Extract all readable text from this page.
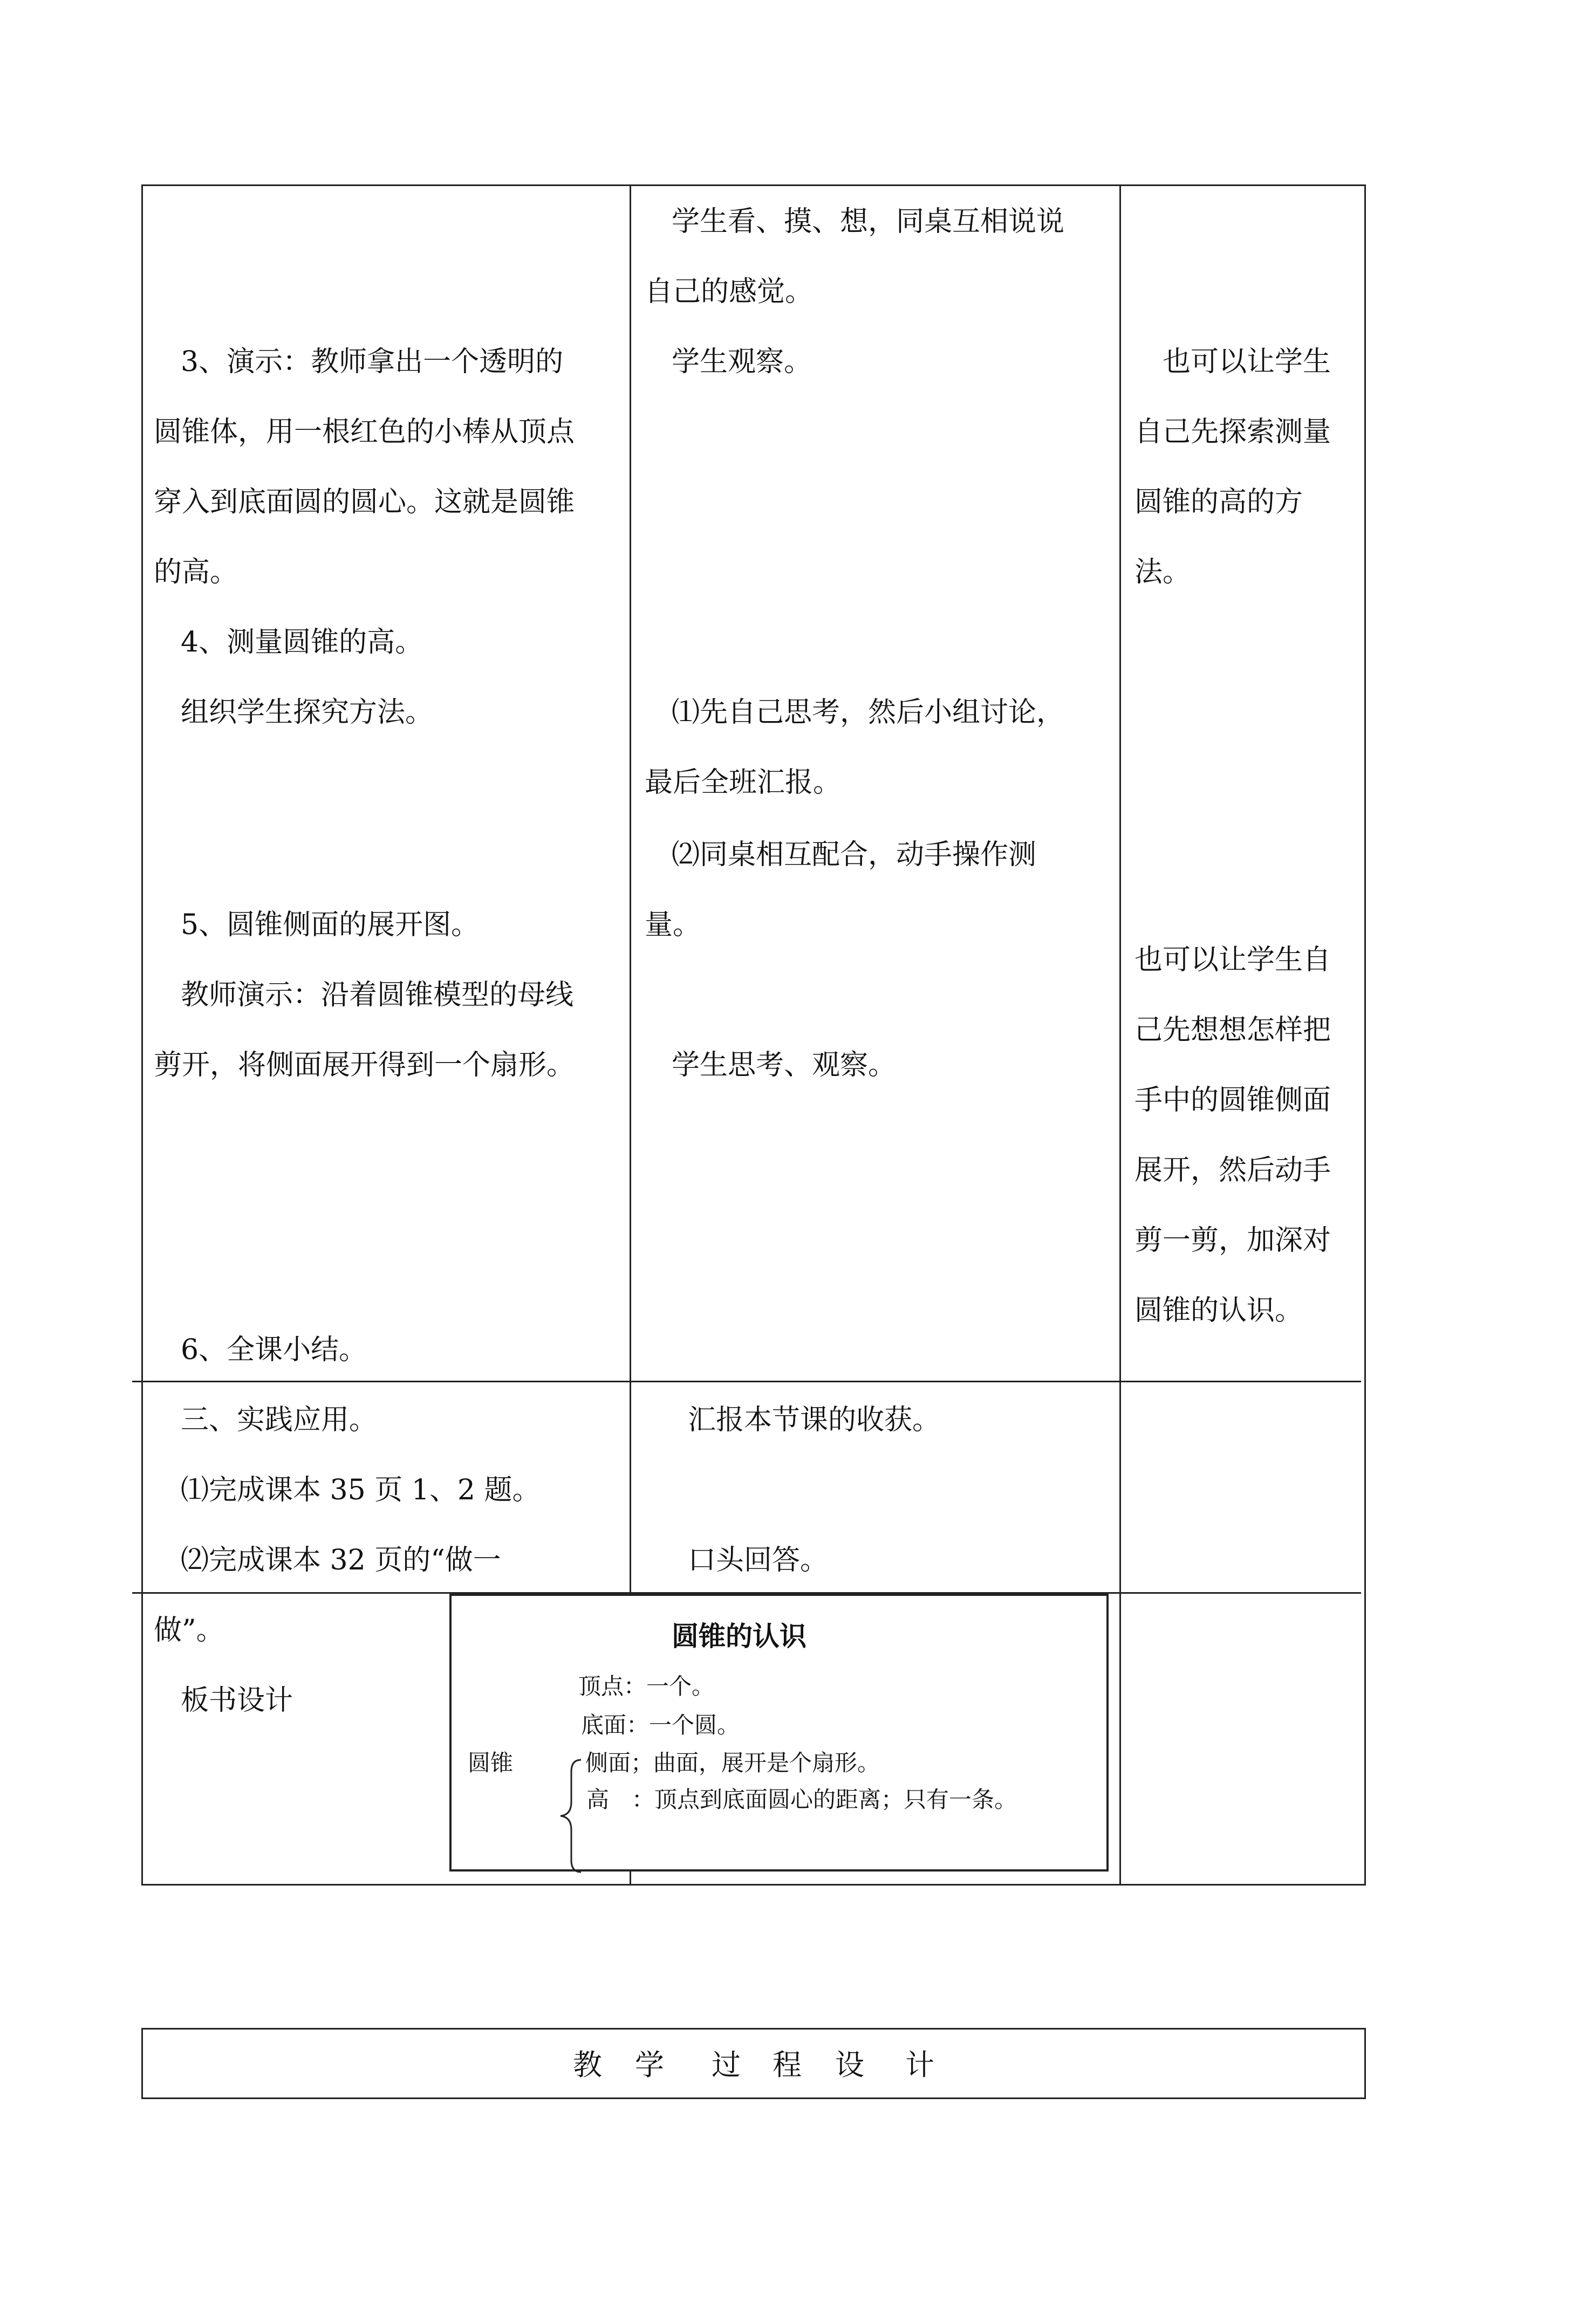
3、演示：教师拿出一个透明的
圆锥体，用一根红色的小棒从顶点
穿入到底面圆的圆心。这就是圆锥
的高。
4、测量圆锥的高。
组织学生探究方法。
5、圆锥侧面的展开图。
教师演示：沿着圆锥模型的母线
剪开，将侧面展开得到一个扇形。
6、全课小结。
三、实践应用。
⑴完成课本 35 页 1、2 题。
⑵完成课本 32 页的“做一
做”。
板书设计
学生看、摸、想，同桌互相说说
自己的感觉。
学生观察。
⑴先自己思考，然后小组讨论，
最后全班汇报。
⑵同桌相互配合，动手操作测
量。
学生思考、观察。
汇报本节课的收获。
口头回答。
也可以让学生
自己先探索测量
圆锥的高的方
法。
也可以让学生自
己先想想怎样把
手中的圆锥侧面
展开，然后动手
剪一剪，加深对
圆锥的认识。
圆锥的认识
顶点：一个。
底面：一个圆。
圆锥	侧面；曲面，展开是个扇形。
高　：顶点到底面圆心的距离；只有一条。
教 学 过 程 设 计
